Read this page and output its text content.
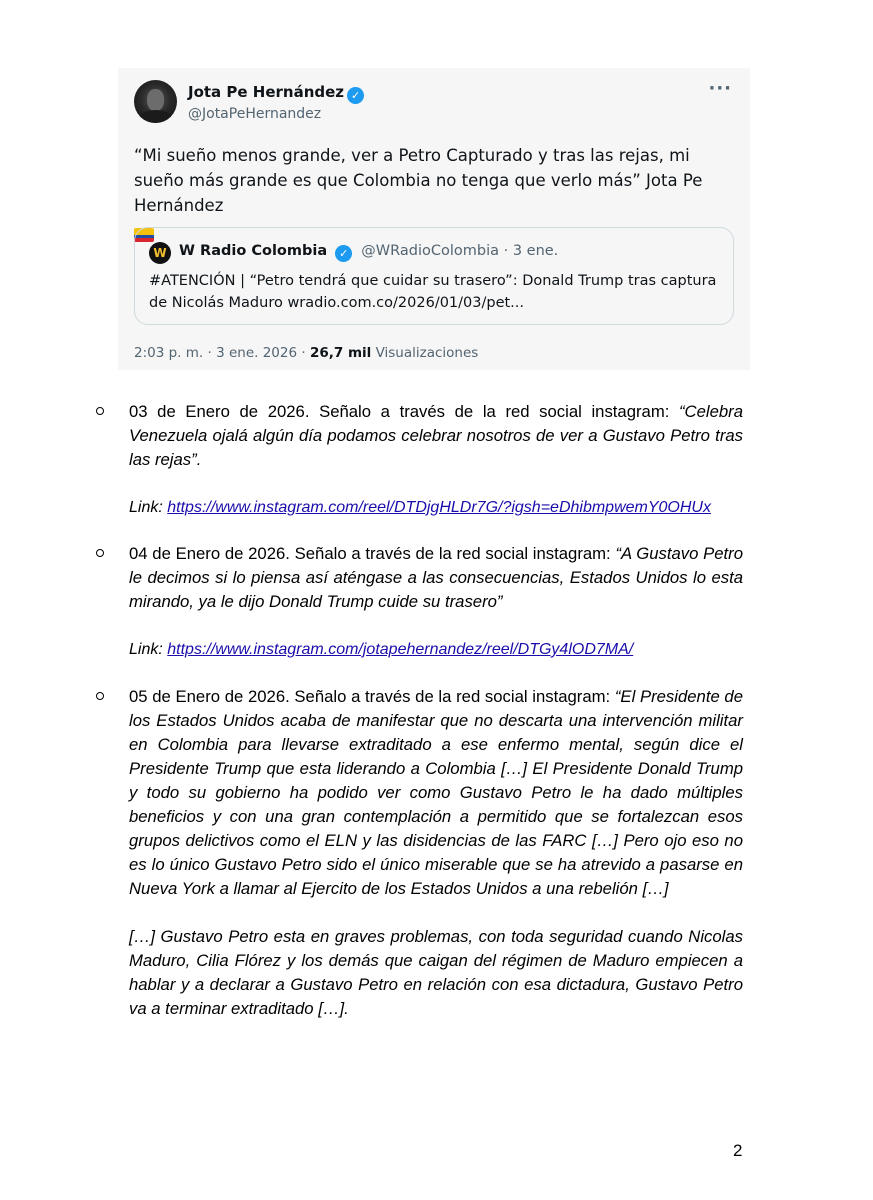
Jota Pe Hernández ✓
@JotaPeHernandez
···
“Mi sueño menos grande, ver a Petro Capturado y tras las rejas, mi sueño más grande es que Colombia no tenga que verlo más” Jota Pe Hernández

W W Radio Colombia ✓ @WRadioColombia · 3 ene.
#ATENCIÓN | “Petro tendrá que cuidar su trasero”: Donald Trump tras captura de Nicolás Maduro wradio.com.co/2026/01/03/pet...
2:03 p. m. · 3 ene. 2026 · 26,7 mil Visualizaciones

03 de Enero de 2026. Señalo a través de la red social instagram: “Celebra Venezuela ojalá algún día podamos celebrar nosotros de ver a Gustavo Petro tras las rejas”.

Link: https://www.instagram.com/reel/DTDjgHLDr7G/?igsh=eDhibmpwemY0OHUx

04 de Enero de 2026. Señalo a través de la red social instagram: “A Gustavo Petro le decimos si lo piensa así aténgase a las consecuencias, Estados Unidos lo esta mirando, ya le dijo Donald Trump cuide su trasero”

Link: https://www.instagram.com/jotapehernandez/reel/DTGy4lOD7MA/

05 de Enero de 2026. Señalo a través de la red social instagram: “El Presidente de los Estados Unidos acaba de manifestar que no descarta una intervención militar en Colombia para llevarse extraditado a ese enfermo mental, según dice el Presidente Trump que esta liderando a Colombia […] El Presidente Donald Trump y todo su gobierno ha podido ver como Gustavo Petro le ha dado múltiples beneficios y con una gran contemplación a permitido que se fortalezcan esos grupos delictivos como el ELN y las disidencias de las FARC […] Pero ojo eso no es lo único Gustavo Petro sido el único miserable que se ha atrevido a pasarse en Nueva York a llamar al Ejercito de los Estados Unidos a una rebelión […]

[…] Gustavo Petro esta en graves problemas, con toda seguridad cuando Nicolas Maduro, Cilia Flórez y los demás que caigan del régimen de Maduro empiecen a hablar y a declarar a Gustavo Petro en relación con esa dictadura, Gustavo Petro va a terminar extraditado […].

2
